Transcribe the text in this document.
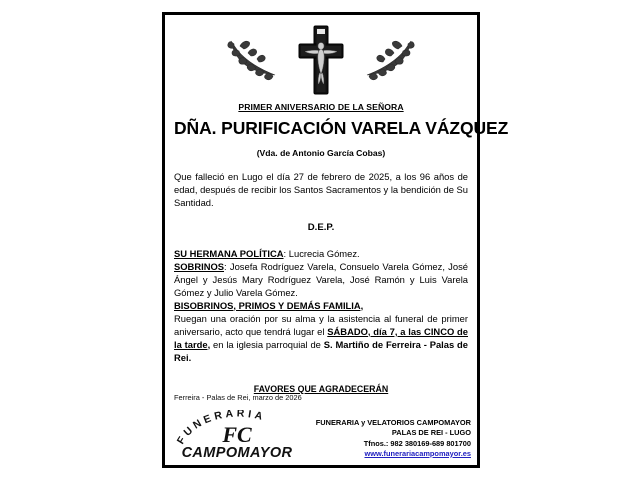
PRIMER ANIVERSARIO DE LA SEÑORA
DÑA. PURIFICACIÓN VARELA VÁZQUEZ
(Vda. de Antonio García Cobas)
Que falleció en Lugo el día 27 de febrero de 2025, a los 96 años de edad, después de recibir los Santos Sacramentos y la bendición de Su Santidad.
D.E.P.

SU HERMANA POLÍTICA: Lucrecia Gómez.

SOBRINOS: Josefa Rodríguez Varela, Consuelo Varela Gómez, José Ángel y Jesús Mary Rodríguez Varela, José Ramón y Luis Varela Gómez y Julio Varela Gómez.

BISOBRINOS, PRIMOS Y DEMÁS FAMILIA,

Ruegan una oración por su alma y la asistencia al funeral de primer aniversario, acto que tendrá lugar el SÁBADO, día 7, a las CINCO de la tarde, en la iglesia parroquial de S. Martiño de Ferreira - Palas de Rei.

FAVORES QUE AGRADECERÁN
Ferreira - Palas de Rei, marzo de 2026
FUNERARIA
FC
CAMPOMAYOR
FUNERARIA y VELATORIOS CAMPOMAYOR
PALAS DE REI - LUGO
Tfnos.: 982 380169-689 801700
www.funerariacampomayor.es
